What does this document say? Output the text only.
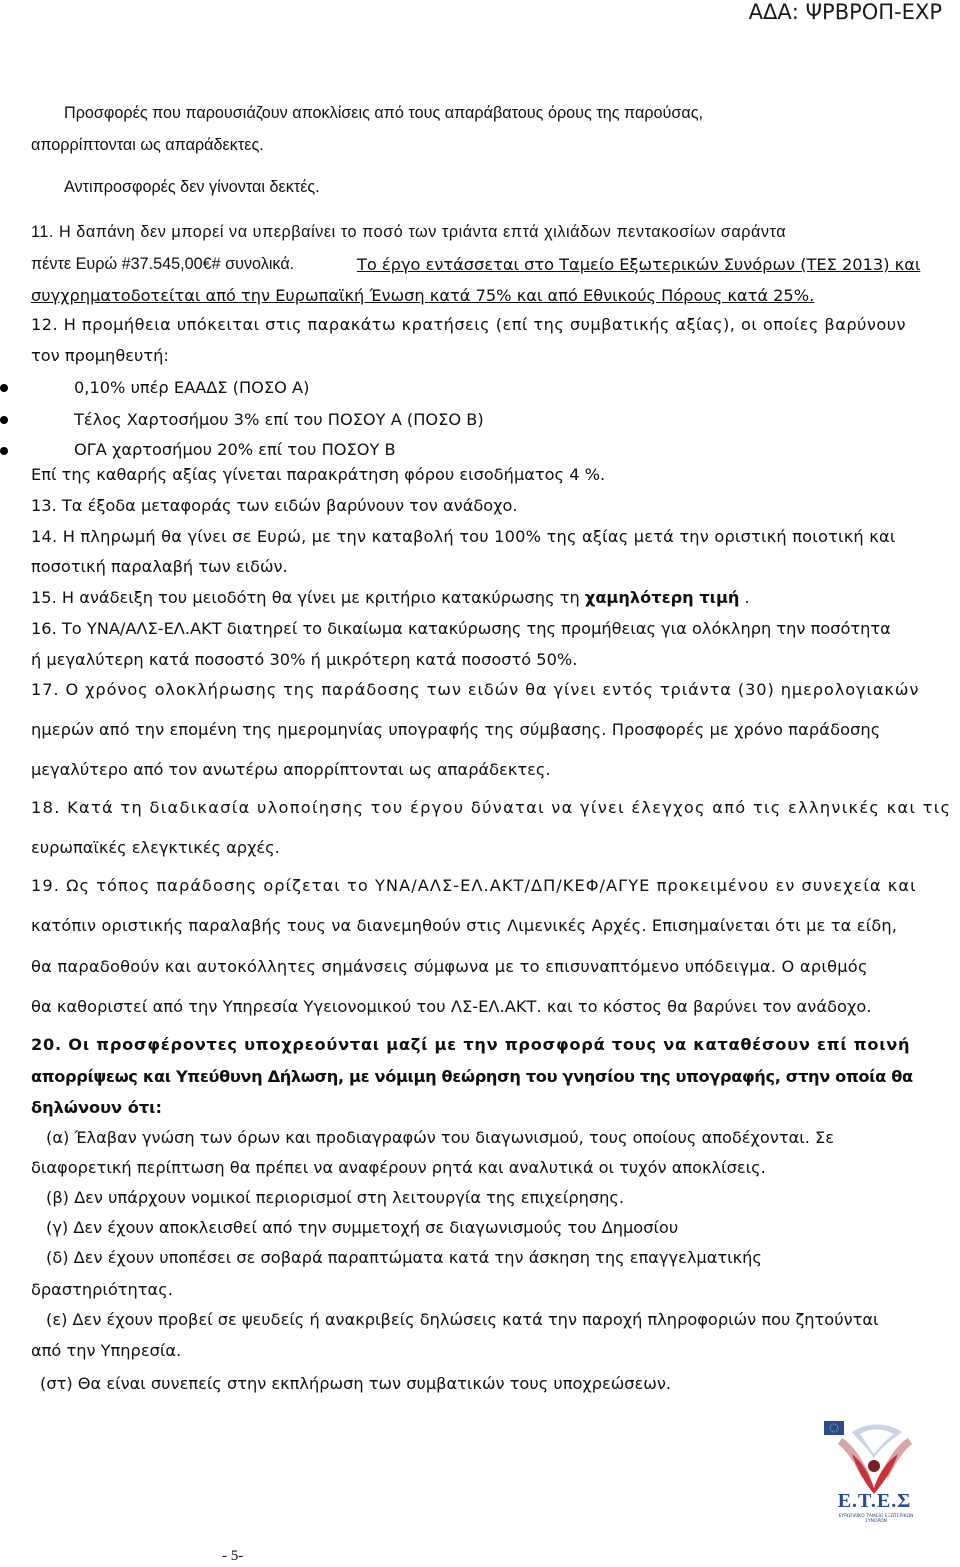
ΑΔΑ: ΨΡΒΡΟΠ-ΕΧΡ
Προσφορές που παρουσιάζουν αποκλίσεις από τους απαράβατους όρους της παρούσας,
απορρίπτονται ως απαράδεκτες.
Αντιπροσφορές δεν γίνονται δεκτές.
11. Η δαπάνη δεν μπορεί να υπερβαίνει το ποσό των τριάντα επτά χιλιάδων πεντακοσίων σαράντα
πέντε Ευρώ #37.545,00€# συνολικά.	Το έργο εντάσσεται στο Ταμείο Εξωτερικών Συνόρων (ΤΕΣ 2013) και
συγχρηματοδοτείται από την Ευρωπαϊκή Ένωση κατά 75% και από Εθνικούς Πόρους κατά 25%.
12. Η προμήθεια υπόκειται στις παρακάτω κρατήσεις (επί της συμβατικής αξίας), οι οποίες βαρύνουν
τον προμηθευτή:
0,10% υπέρ ΕΑΑΔΣ (ΠΟΣΟ Α)
Τέλος Χαρτοσήμου 3% επί του ΠΟΣΟΥ Α (ΠΟΣΟ Β)
ΟΓΑ χαρτοσήμου 20% επί του ΠΟΣΟΥ Β
Επί της καθαρής αξίας γίνεται παρακράτηση φόρου εισοδήματος 4 %.
13. Τα έξοδα μεταφοράς των ειδών βαρύνουν τον ανάδοχο.
14. Η πληρωμή θα γίνει σε Ευρώ, με την καταβολή του 100% της αξίας μετά την οριστική ποιοτική και
ποσοτική παραλαβή των ειδών.
15. Η ανάδειξη του μειοδότη θα γίνει με κριτήριο κατακύρωσης τη χαμηλότερη τιμή .
16. Το ΥΝΑ/ΑΛΣ-ΕΛ.ΑΚΤ διατηρεί το δικαίωμα κατακύρωσης της προμήθειας για ολόκληρη την ποσότητα
ή μεγαλύτερη κατά ποσοστό 30% ή μικρότερη κατά ποσοστό 50%.
17. Ο χρόνος ολοκλήρωσης της παράδοσης των ειδών θα γίνει εντός τριάντα (30) ημερολογιακών
ημερών από την επομένη της ημερομηνίας υπογραφής της σύμβασης. Προσφορές με χρόνο παράδοσης
μεγαλύτερο από τον ανωτέρω απορρίπτονται ως απαράδεκτες.
18. Κατά τη διαδικασία υλοποίησης του έργου δύναται να γίνει έλεγχος από τις ελληνικές και τις
ευρωπαϊκές ελεγκτικές αρχές.
19. Ως τόπος παράδοσης ορίζεται το ΥΝΑ/ΑΛΣ-ΕΛ.ΑΚΤ/ΔΠ/ΚΕΦ/ΑΓΥΕ προκειμένου εν συνεχεία και
κατόπιν οριστικής παραλαβής τους να διανεμηθούν στις Λιμενικές Αρχές. Επισημαίνεται ότι με τα είδη,
θα παραδοθούν και αυτοκόλλητες σημάνσεις σύμφωνα με το επισυναπτόμενο υπόδειγμα. Ο αριθμός
θα καθοριστεί από την Υπηρεσία Υγειονομικού του ΛΣ-ΕΛ.ΑΚΤ. και το κόστος θα βαρύνει τον ανάδοχο.
20. Οι προσφέροντες υποχρεούνται μαζί με την προσφορά τους να καταθέσουν επί ποινή
απορρίψεως και Υπεύθυνη Δήλωση, με νόμιμη θεώρηση του γνησίου της υπογραφής, στην οποία θα
δηλώνουν ότι:
(α) Έλαβαν γνώση των όρων και προδιαγραφών του διαγωνισμού, τους οποίους αποδέχονται. Σε
διαφορετική περίπτωση θα πρέπει να αναφέρουν ρητά και αναλυτικά οι τυχόν αποκλίσεις.
(β) Δεν υπάρχουν νομικοί περιορισμοί στη λειτουργία της επιχείρησης.
(γ) Δεν έχουν αποκλεισθεί από την συμμετοχή σε διαγωνισμούς του Δημοσίου
(δ) Δεν έχουν υποπέσει σε σοβαρά παραπτώματα κατά την άσκηση της επαγγελματικής
δραστηριότητας.
(ε) Δεν έχουν προβεί σε ψευδείς ή ανακριβείς δηλώσεις κατά την παροχή πληροφοριών που ζητούνται
από την Υπηρεσία.
(στ) Θα είναι συνεπείς στην εκπλήρωση των συμβατικών τους υποχρεώσεων.
Ε.Τ.Ε.Σ
ΕΥΡΩΠΑΪΚΟ ΤΑΜΕΙΟ ΕΞΩΤΕΡΙΚΩΝ ΣΥΝΟΡΩΝ
- 5-
